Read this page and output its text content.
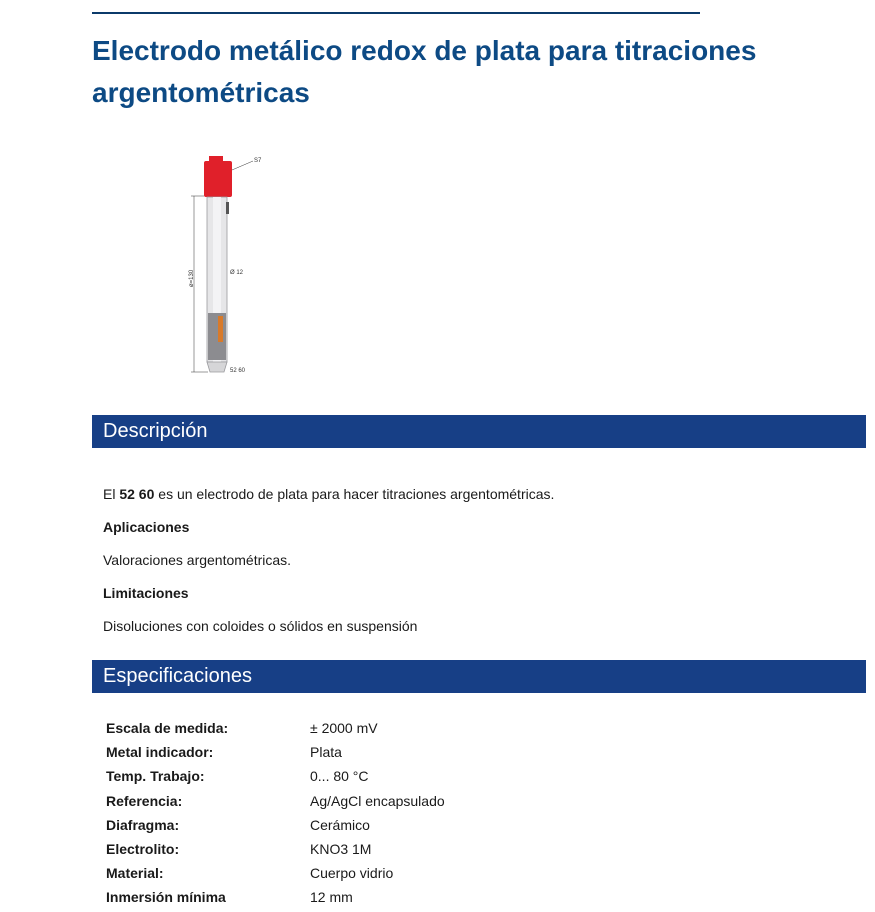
Electrodo metálico redox de plata para titraciones argentométricas
S7
Ø 12
ø=130
52 60
Descripción

El 52 60 es un electrodo de plata para hacer titraciones argentométricas.

Aplicaciones

Valoraciones argentométricas.

Limitaciones

Disoluciones con coloides o sólidos en suspensión

Especificaciones
Escala de medida:	± 2000 mV
Metal indicador:	Plata
Temp. Trabajo:	0... 80 °C
Referencia:	Ag/AgCl encapsulado
Diafragma:	Cerámico
Electrolito:	KNO3 1M
Material:	Cuerpo vidrio
Inmersión mínima	12 mm
